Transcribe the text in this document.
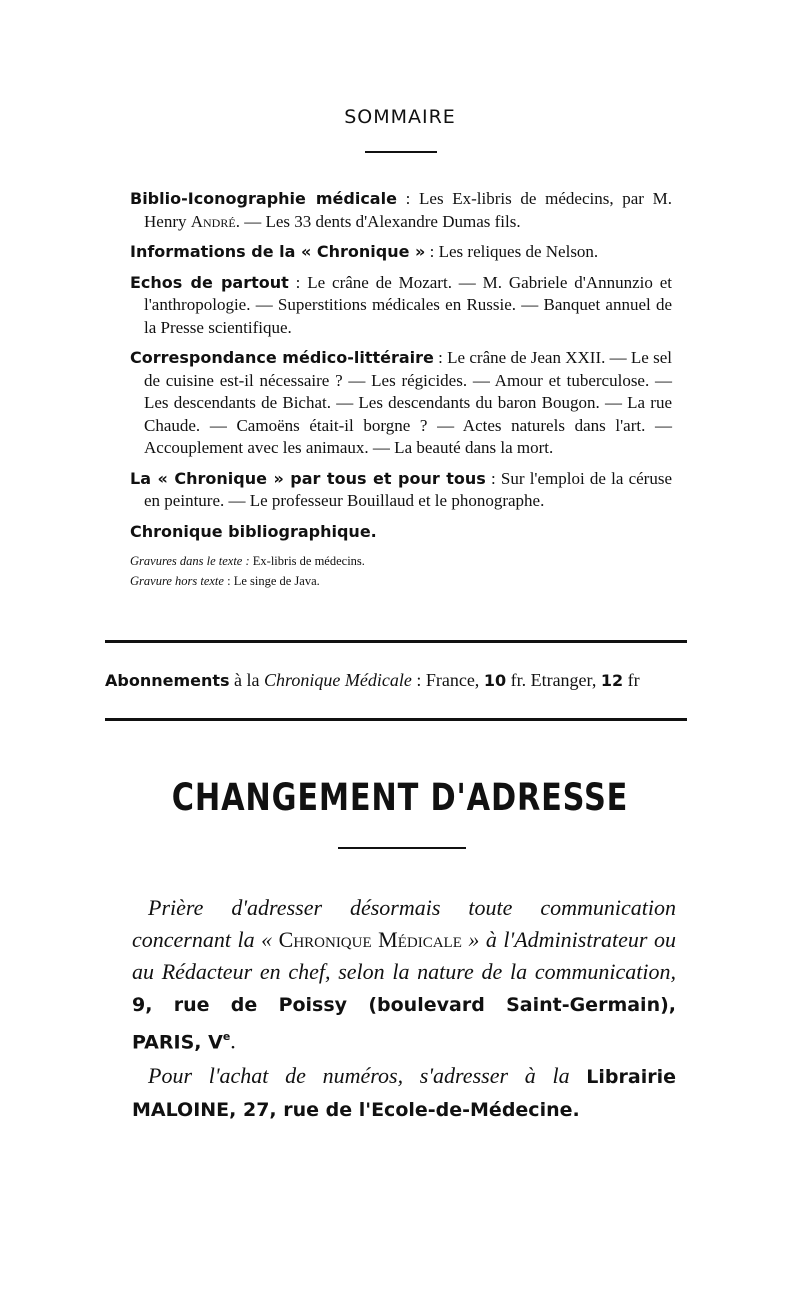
SOMMAIRE

Biblio-Iconographie médicale : Les Ex-libris de médecins, par M. Henry André. — Les 33 dents d'Alexandre Dumas fils.

Informations de la « Chronique » : Les reliques de Nelson.

Echos de partout : Le crâne de Mozart. — M. Gabriele d'Annunzio et l'anthropologie. — Superstitions médicales en Russie. — Banquet annuel de la Presse scientifique.

Correspondance médico-littéraire : Le crâne de Jean XXII. — Le sel de cuisine est-il nécessaire ? — Les régicides. — Amour et tuberculose. — Les descendants de Bichat. — Les descendants du baron Bougon. — La rue Chaude. — Camoëns était-il borgne ? — Actes naturels dans l'art. — Accouplement avec les animaux. — La beauté dans la mort.

La « Chronique » par tous et pour tous : Sur l'emploi de la céruse en peinture. — Le professeur Bouillaud et le phonographe.

Chronique bibliographique.

Gravures dans le texte : Ex-libris de médecins.

Gravure hors texte : Le singe de Java.

Abonnements à la Chronique Médicale : France, 10 fr. Etranger, 12 fr
CHANGEMENT D'ADRESSE

Prière d'adresser désormais toute communication concernant la « Chronique Médicale » à l'Administrateur ou au Rédacteur en chef, selon la nature de la communication, 9, rue de Poissy (boulevard Saint-Germain), PARIS, Ve.

Pour l'achat de numéros, s'adresser à la Librairie MALOINE, 27, rue de l'Ecole-de-Médecine.
